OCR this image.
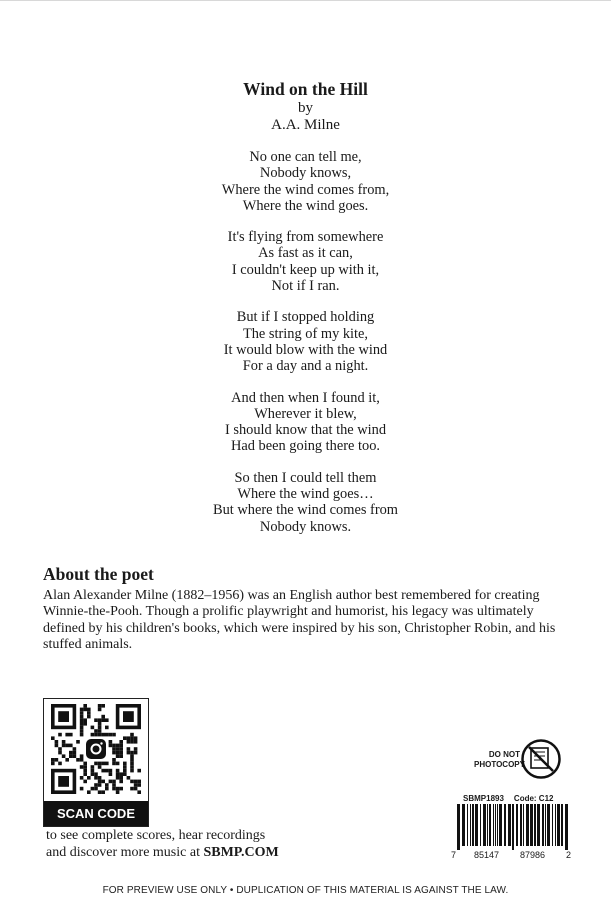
Wind on the Hill
by
A.A. Milne
No one can tell me,
Nobody knows,
Where the wind comes from,
Where the wind goes.
It's flying from somewhere
As fast as it can,
I couldn't keep up with it,
Not if I ran.
But if I stopped holding
The string of my kite,
It would blow with the wind
For a day and a night.
And then when I found it,
Wherever it blew,
I should know that the wind
Had been going there too.
So then I could tell them
Where the wind goes…
But where the wind comes from
Nobody knows.
About the poet
Alan Alexander Milne (1882–1956) was an English author best remembered for creating Winnie-the-Pooh. Though a prolific playwright and humorist, his legacy was ultimately defined by his children's books, which were inspired by his son, Christopher Robin, and his stuffed animals.
SCAN CODE
to see complete scores, hear recordings
and discover more music at SBMP.COM
DO NOT
PHOTOCOPY
SBMP1893 Code: C12
7 85147 87986 2
FOR PREVIEW USE ONLY • DUPLICATION OF THIS MATERIAL IS AGAINST THE LAW.
